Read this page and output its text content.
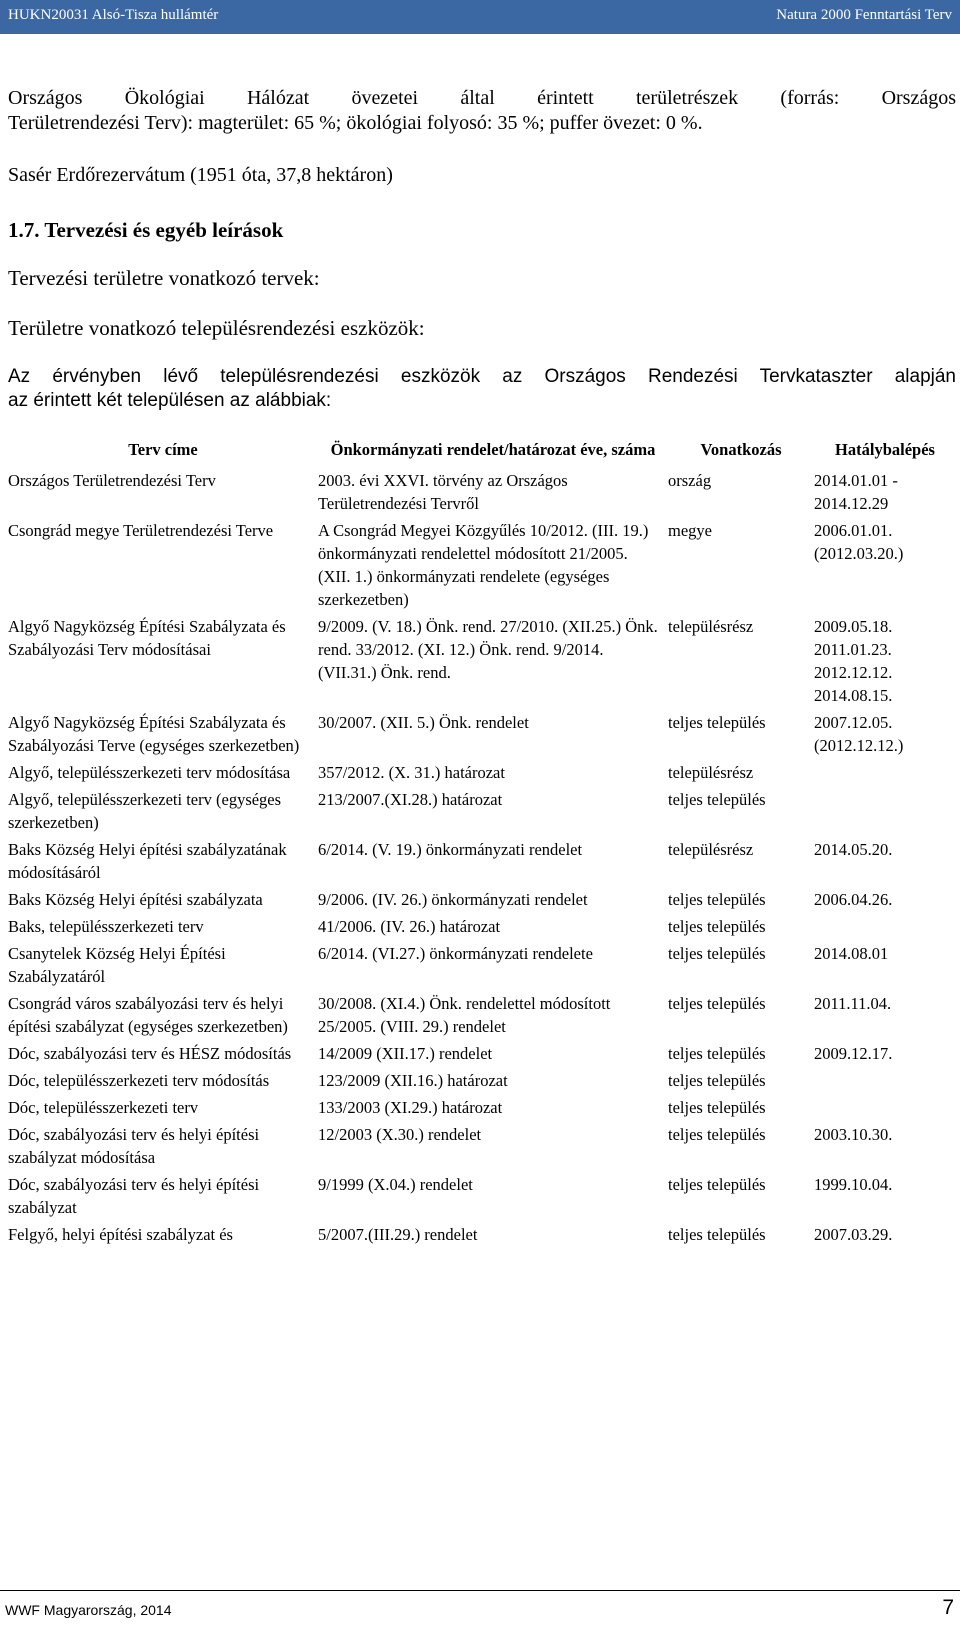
HUKN20031 Alsó-Tisza hullámtér	Natura 2000 Fenntartási Terv

Országos Ökológiai Hálózat övezetei által érintett területrészek (forrás: Országos

Területrendezési Terv): magterület: 65 %; ökológiai folyosó: 35 %; puffer övezet: 0 %.

Sasér Erdőrezervátum (1951 óta, 37,8 hektáron)

1.7. Tervezési és egyéb leírások

Tervezési területre vonatkozó tervek:

Területre vonatkozó településrendezési eszközök:

Az érvényben lévő településrendezési eszközök az Országos Rendezési Tervkataszter alapján

az érintett két településen az alábbiak:

Terv címe	Önkormányzati rendelet/határozat éve, száma	Vonatkozás	Hatálybalépés
Országos Területrendezési Terv	2003. évi XXVI. törvény az Országos Területrendezési Tervről	ország	2014.01.01 - 2014.12.29
Csongrád megye Területrendezési Terve	A Csongrád Megyei Közgyűlés 10/2012. (III. 19.) önkormányzati rendelettel módosított 21/2005. (XII. 1.) önkormányzati rendelete (egységes szerkezetben)	megye	2006.01.01. (2012.03.20.)
Algyő Nagyközség Építési Szabályzata és Szabályozási Terv módosításai	9/2009. (V. 18.) Önk. rend. 27/2010. (XII.25.) Önk. rend. 33/2012. (XI. 12.) Önk. rend. 9/2014. (VII.31.) Önk. rend.	településrész	2009.05.18. 2011.01.23. 2012.12.12. 2014.08.15.
Algyő Nagyközség Építési Szabályzata és Szabályozási Terve (egységes szerkezetben)	30/2007. (XII. 5.) Önk. rendelet	teljes település	2007.12.05. (2012.12.12.)
Algyő, településszerkezeti terv módosítása	357/2012. (X. 31.) határozat	településrész	
Algyő, településszerkezeti terv (egységes szerkezetben)	213/2007.(XI.28.) határozat	teljes település	
Baks Község Helyi építési szabályzatának módosításáról	6/2014. (V. 19.) önkormányzati rendelet	településrész	2014.05.20.
Baks Község Helyi építési szabályzata	9/2006. (IV. 26.) önkormányzati rendelet	teljes település	2006.04.26.
Baks, településszerkezeti terv	41/2006. (IV. 26.) határozat	teljes település	
Csanytelek Község Helyi Építési Szabályzatáról	6/2014. (VI.27.) önkormányzati rendelete	teljes település	2014.08.01
Csongrád város szabályozási terv és helyi építési szabályzat (egységes szerkezetben)	30/2008. (XI.4.) Önk. rendelettel módosított 25/2005. (VIII. 29.) rendelet	teljes település	2011.11.04.
Dóc, szabályozási terv és HÉSZ módosítás	14/2009 (XII.17.) rendelet	teljes település	2009.12.17.
Dóc, településszerkezeti terv módosítás	123/2009 (XII.16.) határozat	teljes település	
Dóc, településszerkezeti terv	133/2003 (XI.29.) határozat	teljes település	
Dóc, szabályozási terv és helyi építési szabályzat módosítása	12/2003 (X.30.) rendelet	teljes település	2003.10.30.
Dóc, szabályozási terv és helyi építési szabályzat	9/1999 (X.04.) rendelet	teljes település	1999.10.04.
Felgyő, helyi építési szabályzat és	5/2007.(III.29.) rendelet	teljes település	2007.03.29.
WWF Magyarország, 2014	7
